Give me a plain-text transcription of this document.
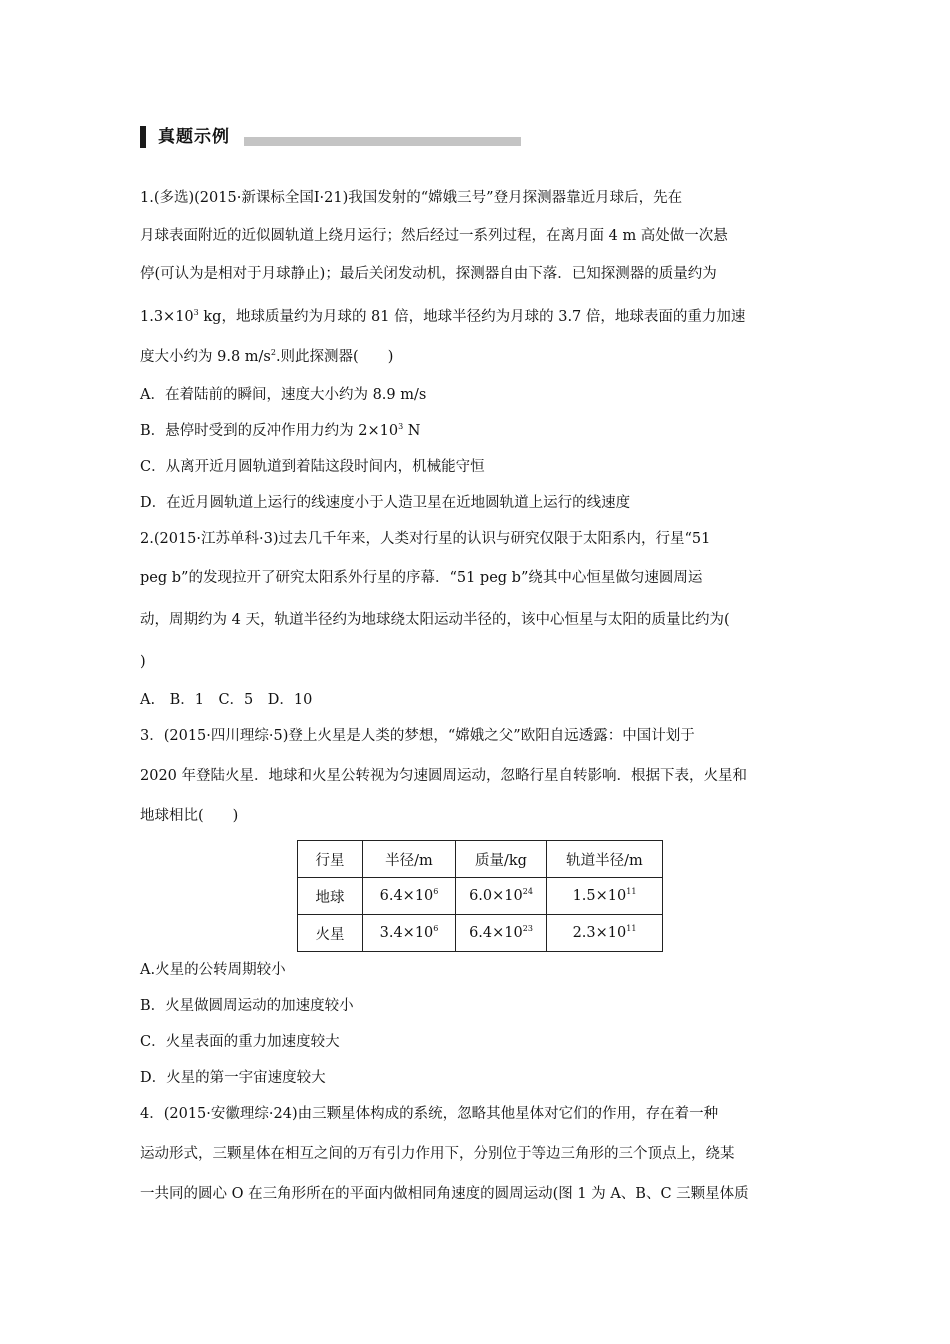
真题示例
1.(多选)(2015·新课标全国Ⅰ·21)我国发射的“嫦娥三号”登月探测器靠近月球后，先在
月球表面附近的近似圆轨道上绕月运行；然后经过一系列过程，在离月面 4 m 高处做一次悬
停(可认为是相对于月球静止)；最后关闭发动机，探测器自由下落．已知探测器的质量约为
$1.3\times 10^3$ kg，地球质量约为月球的 81 倍，地球半径约为月球的 3.7 倍，地球表面的重力加速
度大小约为 9.8 $m/s^2$.则此探测器(　　)
A．在着陆前的瞬间，速度大小约为 8.9 m/s
B．悬停时受到的反冲作用力约为 $2\times 10^3$ N
C．从离开近月圆轨道到着陆这段时间内，机械能守恒
D．在近月圆轨道上运行的线速度小于人造卫星在近地圆轨道上运行的线速度
2.(2015·江苏单科·3)过去几千年来，人类对行星的认识与研究仅限于太阳系内，行星“51
peg b”的发现拉开了研究太阳系外行星的序幕．“51 peg b”绕其中心恒星做匀速圆周运
动，周期约为 4 天，轨道半径约为地球绕太阳运动半径的，该中心恒星与太阳的质量比约为(
)
A.　B．1　C．5　D．10
3．(2015·四川理综·5)登上火星是人类的梦想，“嫦娥之父”欧阳自远透露：中国计划于
2020 年登陆火星．地球和火星公转视为匀速圆周运动，忽略行星自转影响．根据下表，火星和
地球相比(　　)
行星	半径/m	质量/kg	轨道半径/m
地球	$6.4\times 10^6$	$6.0\times 10^{24}$	$1.5\times 10^{11}$
火星	$3.4\times 10^6$	$6.4\times 10^{23}$	$2.3\times 10^{11}$
A.火星的公转周期较小
B．火星做圆周运动的加速度较小
C．火星表面的重力加速度较大
D．火星的第一宇宙速度较大
4．(2015·安徽理综·24)由三颗星体构成的系统，忽略其他星体对它们的作用，存在着一种
运动形式，三颗星体在相互之间的万有引力作用下，分别位于等边三角形的三个顶点上，绕某
一共同的圆心 O 在三角形所在的平面内做相同角速度的圆周运动(图 1 为 A、B、C 三颗星体质
